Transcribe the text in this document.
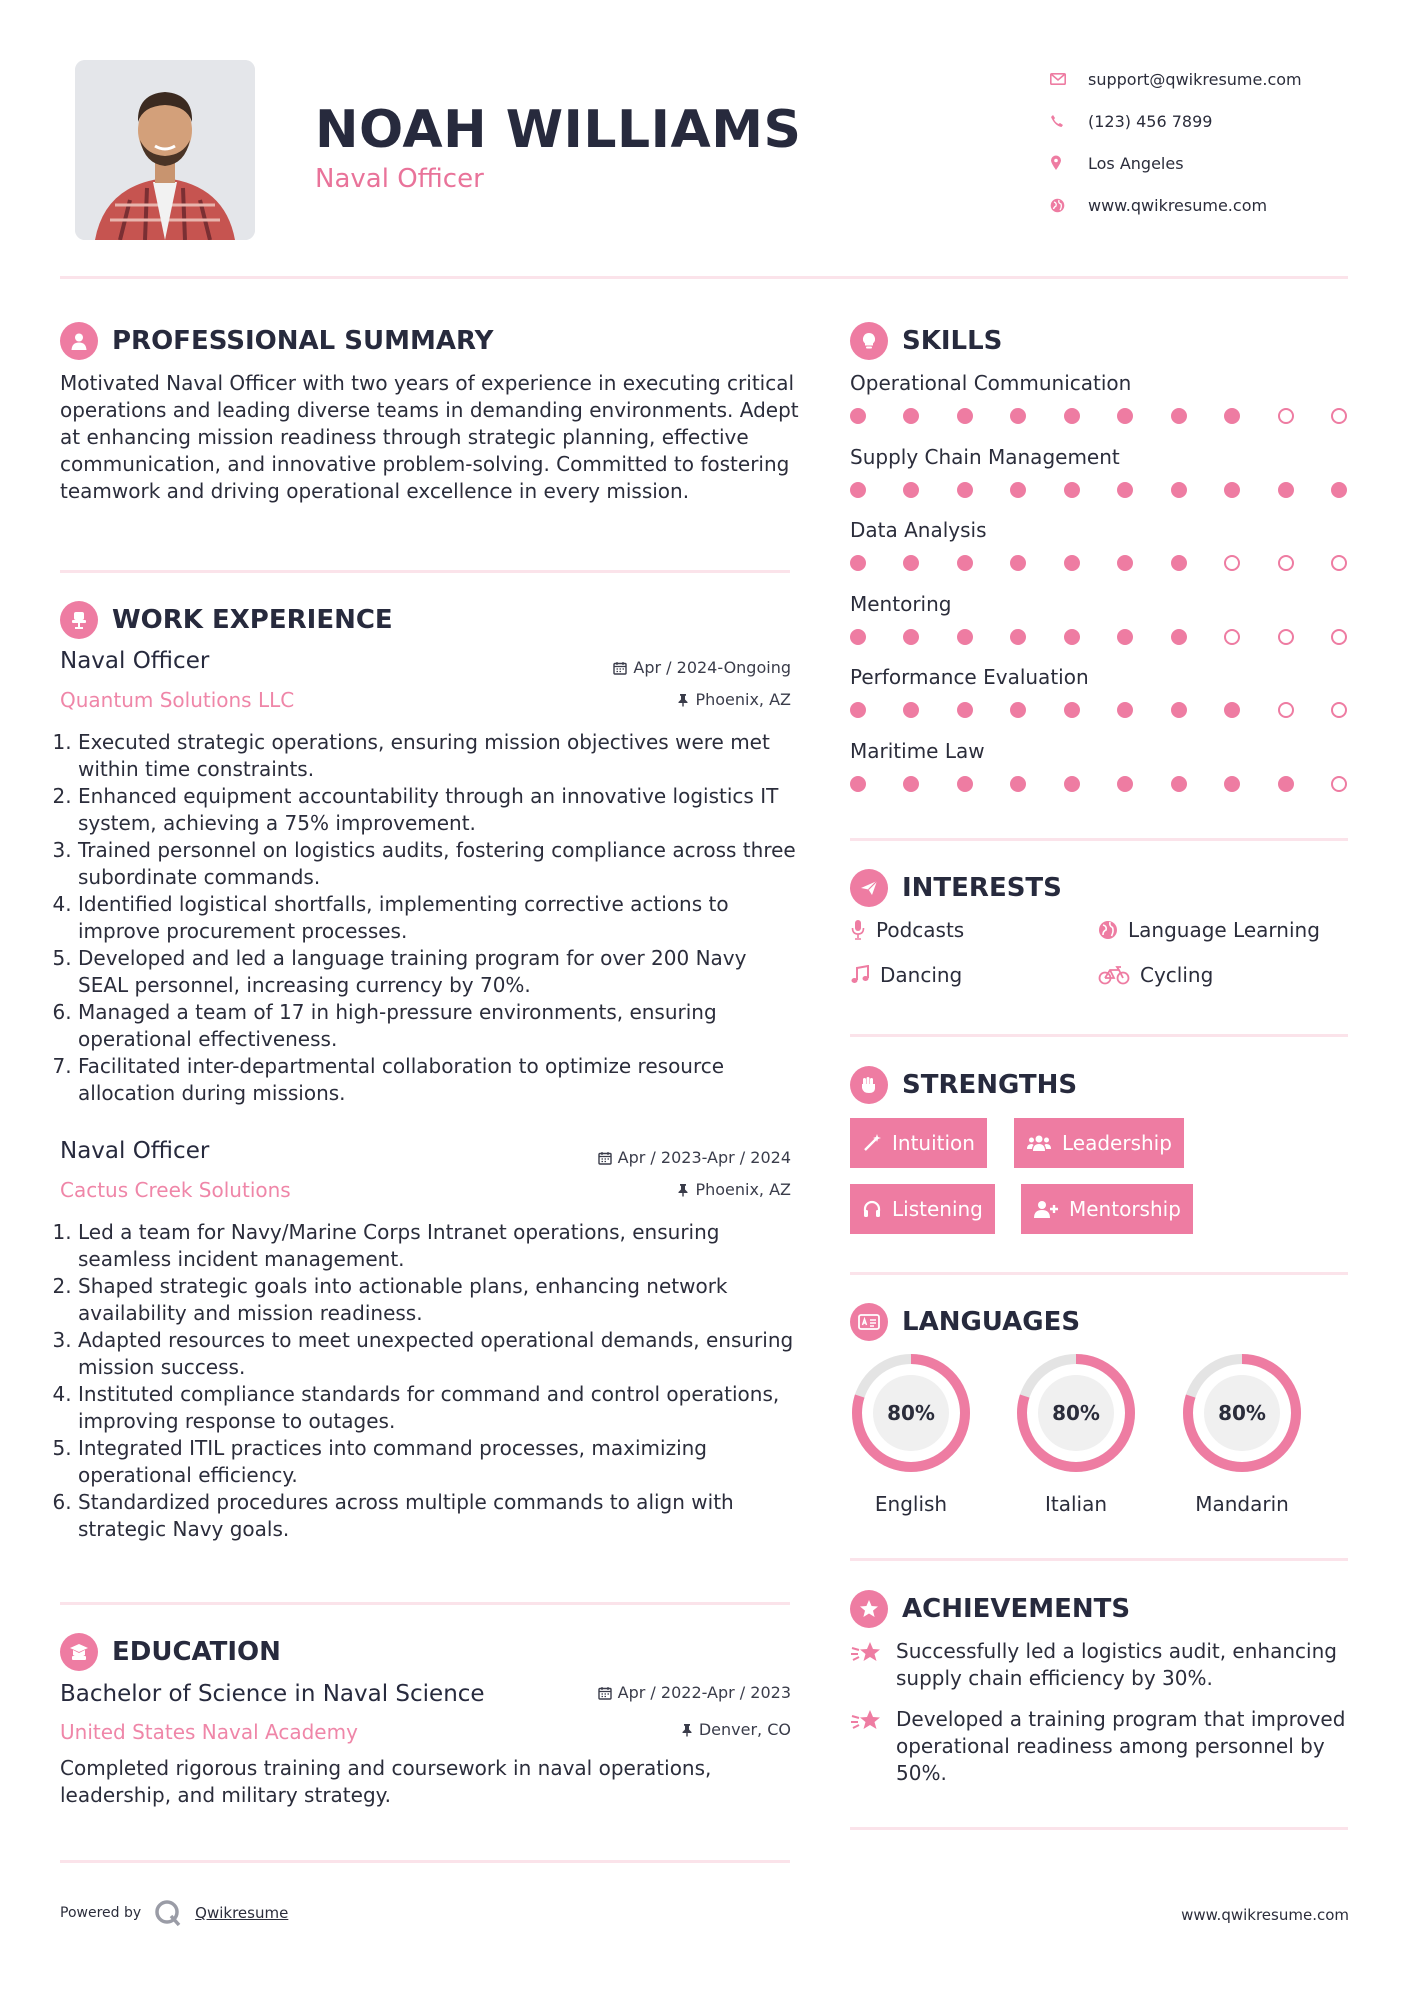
NOAH WILLIAMS
Naval Officer
support@qwikresume.com
(123) 456 7899
Los Angeles
www.qwikresume.com
PROFESSIONAL SUMMARY
Motivated Naval Officer with two years of experience in executing critical operations and leading diverse teams in demanding environments. Adept at enhancing mission readiness through strategic planning, effective communication, and innovative problem-solving. Committed to fostering teamwork and driving operational excellence in every mission.
WORK EXPERIENCE
Naval Officer	Apr / 2024-Ongoing
Quantum Solutions LLC	Phoenix, AZ
1. Executed strategic operations, ensuring mission objectives were met within time constraints.
2. Enhanced equipment accountability through an innovative logistics IT system, achieving a 75% improvement.
3. Trained personnel on logistics audits, fostering compliance across three subordinate commands.
4. Identified logistical shortfalls, implementing corrective actions to improve procurement processes.
5. Developed and led a language training program for over 200 Navy SEAL personnel, increasing currency by 70%.
6. Managed a team of 17 in high-pressure environments, ensuring operational effectiveness.
7. Facilitated inter-departmental collaboration to optimize resource allocation during missions.
Naval Officer	Apr / 2023-Apr / 2024
Cactus Creek Solutions	Phoenix, AZ
1. Led a team for Navy/Marine Corps Intranet operations, ensuring seamless incident management.
2. Shaped strategic goals into actionable plans, enhancing network availability and mission readiness.
3. Adapted resources to meet unexpected operational demands, ensuring mission success.
4. Instituted compliance standards for command and control operations, improving response to outages.
5. Integrated ITIL practices into command processes, maximizing operational efficiency.
6. Standardized procedures across multiple commands to align with strategic Navy goals.
EDUCATION
Bachelor of Science in Naval Science	Apr / 2022-Apr / 2023
United States Naval Academy	Denver, CO
Completed rigorous training and coursework in naval operations, leadership, and military strategy.
SKILLS
Operational Communication
Supply Chain Management
Data Analysis
Mentoring
Performance Evaluation
Maritime Law
INTERESTS
Podcasts	Language Learning
Dancing	Cycling
STRENGTHS
Intuition	Leadership
Listening	Mentorship
LANGUAGES
80%
English
80%
Italian
80%
Mandarin
ACHIEVEMENTS
Successfully led a logistics audit, enhancing supply chain efficiency by 30%.
Developed a training program that improved operational readiness among personnel by 50%.
Powered by	Qwikresume	www.qwikresume.com
